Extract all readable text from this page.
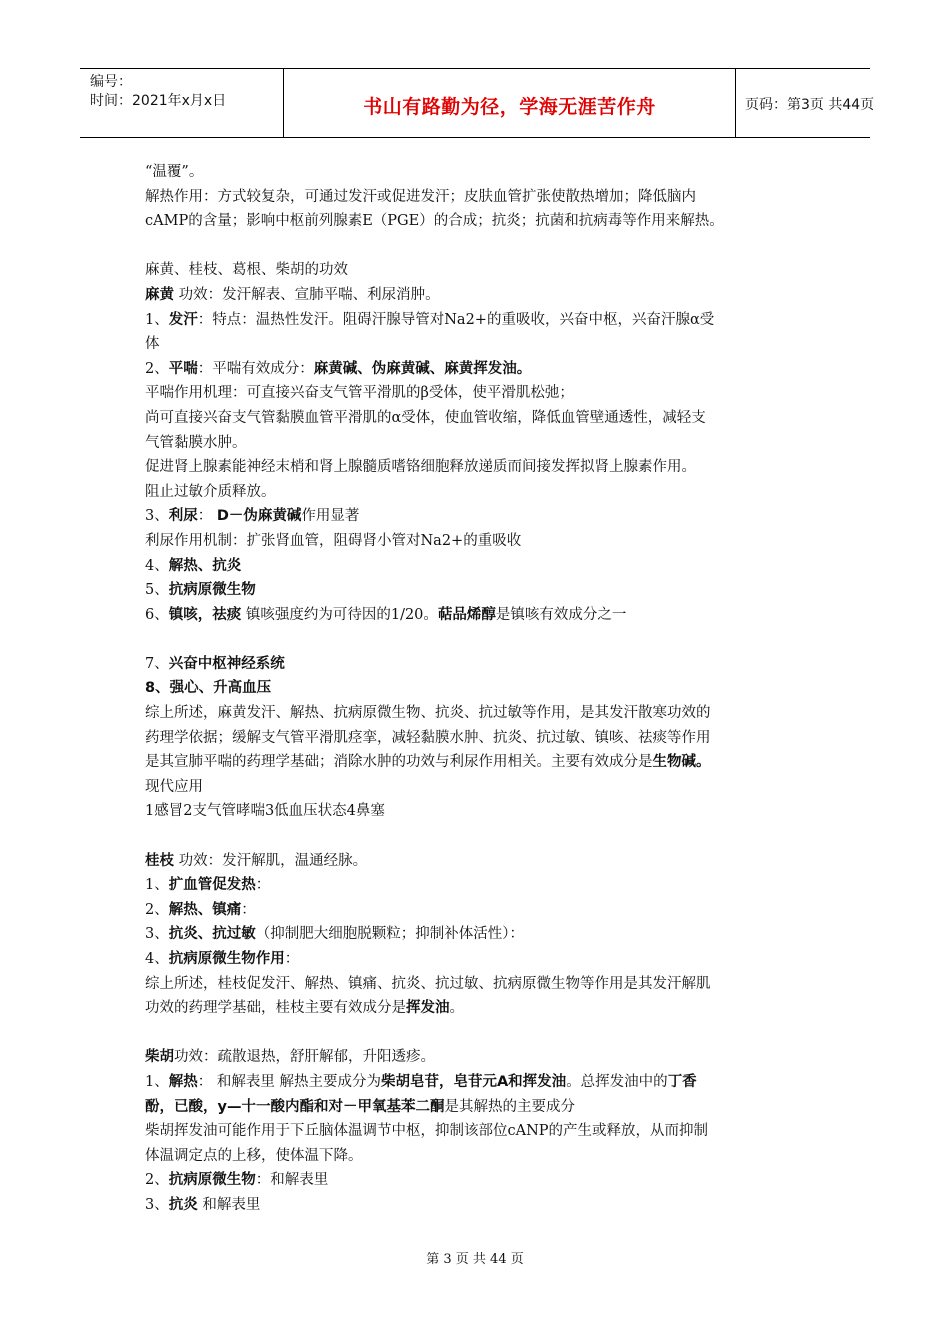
编号：
时间：2021年x月x日	书山有路勤为径，学海无涯苦作舟	页码：第3页 共44页

“温覆”。

解热作用：方式较复杂，可通过发汗或促进发汗；皮肤血管扩张使散热增加；降低脑内

cAMP的含量；影响中枢前列腺素E（PGE）的合成；抗炎；抗菌和抗病毒等作用来解热。

麻黄、桂枝、葛根、柴胡的功效

麻黄 功效：发汗解表、宣肺平喘、利尿消肿。

1、发汗：特点：温热性发汗。阻碍汗腺导管对Na2+的重吸收，兴奋中枢，兴奋汗腺α受

体

2、平喘：平喘有效成分：麻黄碱、伪麻黄碱、麻黄挥发油。

平喘作用机理：可直接兴奋支气管平滑肌的β受体，使平滑肌松弛；

尚可直接兴奋支气管黏膜血管平滑肌的α受体，使血管收缩，降低血管壁通透性，减轻支

气管黏膜水肿。

促进肾上腺素能神经末梢和肾上腺髓质嗜铬细胞释放递质而间接发挥拟肾上腺素作用。

阻止过敏介质释放。

3、利尿： D－伪麻黄碱作用显著

利尿作用机制：扩张肾血管，阻碍肾小管对Na2+的重吸收

4、解热、抗炎

5、抗病原微生物

6、镇咳，祛痰 镇咳强度约为可待因的1/20。萜品烯醇是镇咳有效成分之一

7、兴奋中枢神经系统

8、强心、升高血压

综上所述，麻黄发汗、解热、抗病原微生物、抗炎、抗过敏等作用，是其发汗散寒功效的

药理学依据；缓解支气管平滑肌痉挛，减轻黏膜水肿、抗炎、抗过敏、镇咳、祛痰等作用

是其宣肺平喘的药理学基础；消除水肿的功效与利尿作用相关。主要有效成分是生物碱。

现代应用

1感冒2支气管哮喘3低血压状态4鼻塞

桂枝 功效：发汗解肌，温通经脉。

1、扩血管促发热：

2、解热、镇痛：

3、抗炎、抗过敏（抑制肥大细胞脱颗粒；抑制补体活性）：

4、抗病原微生物作用：

综上所述，桂枝促发汗、解热、镇痛、抗炎、抗过敏、抗病原微生物等作用是其发汗解肌

功效的药理学基础，桂枝主要有效成分是挥发油。

柴胡功效：疏散退热，舒肝解郁，升阳透疹。

1、解热： 和解表里 解热主要成分为柴胡皂苷，皂苷元A和挥发油。总挥发油中的丁香

酚，已酸，y—十一酸内酯和对－甲氧基苯二酮是其解热的主要成分

柴胡挥发油可能作用于下丘脑体温调节中枢，抑制该部位cANP的产生或释放，从而抑制

体温调定点的上移，使体温下降。

2、抗病原微生物：和解表里

3、抗炎 和解表里

第 3 页 共 44 页
